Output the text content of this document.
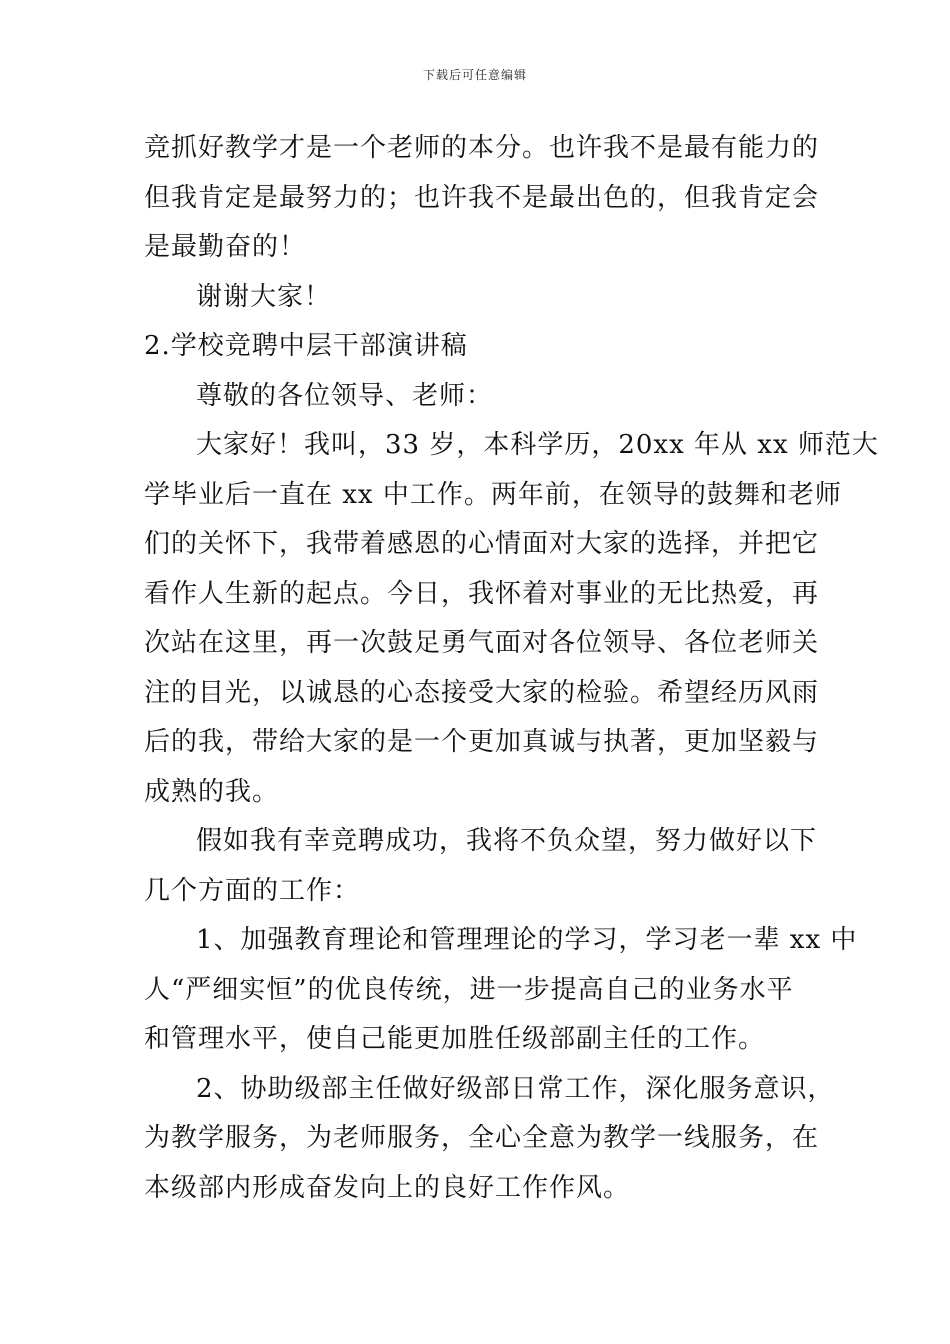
下载后可任意编辑
竞抓好教学才是一个老师的本分。也许我不是最有能力的
但我肯定是最努力的；也许我不是最出色的，但我肯定会
是最勤奋的！
谢谢大家！
2.学校竞聘中层干部演讲稿
尊敬的各位领导、老师：
大家好！我叫，33 岁，本科学历，20xx 年从 xx 师范大
学毕业后一直在 xx 中工作。两年前，在领导的鼓舞和老师
们的关怀下，我带着感恩的心情面对大家的选择，并把它
看作人生新的起点。今日，我怀着对事业的无比热爱，再
次站在这里，再一次鼓足勇气面对各位领导、各位老师关
注的目光，以诚恳的心态接受大家的检验。希望经历风雨
后的我，带给大家的是一个更加真诚与执著，更加坚毅与
成熟的我。
假如我有幸竞聘成功，我将不负众望，努力做好以下
几个方面的工作：
1、加强教育理论和管理理论的学习，学习老一辈 xx 中
人“严细实恒”的优良传统，进一步提高自己的业务水平
和管理水平，使自己能更加胜任级部副主任的工作。
2、协助级部主任做好级部日常工作，深化服务意识，
为教学服务，为老师服务，全心全意为教学一线服务，在
本级部内形成奋发向上的良好工作作风。
